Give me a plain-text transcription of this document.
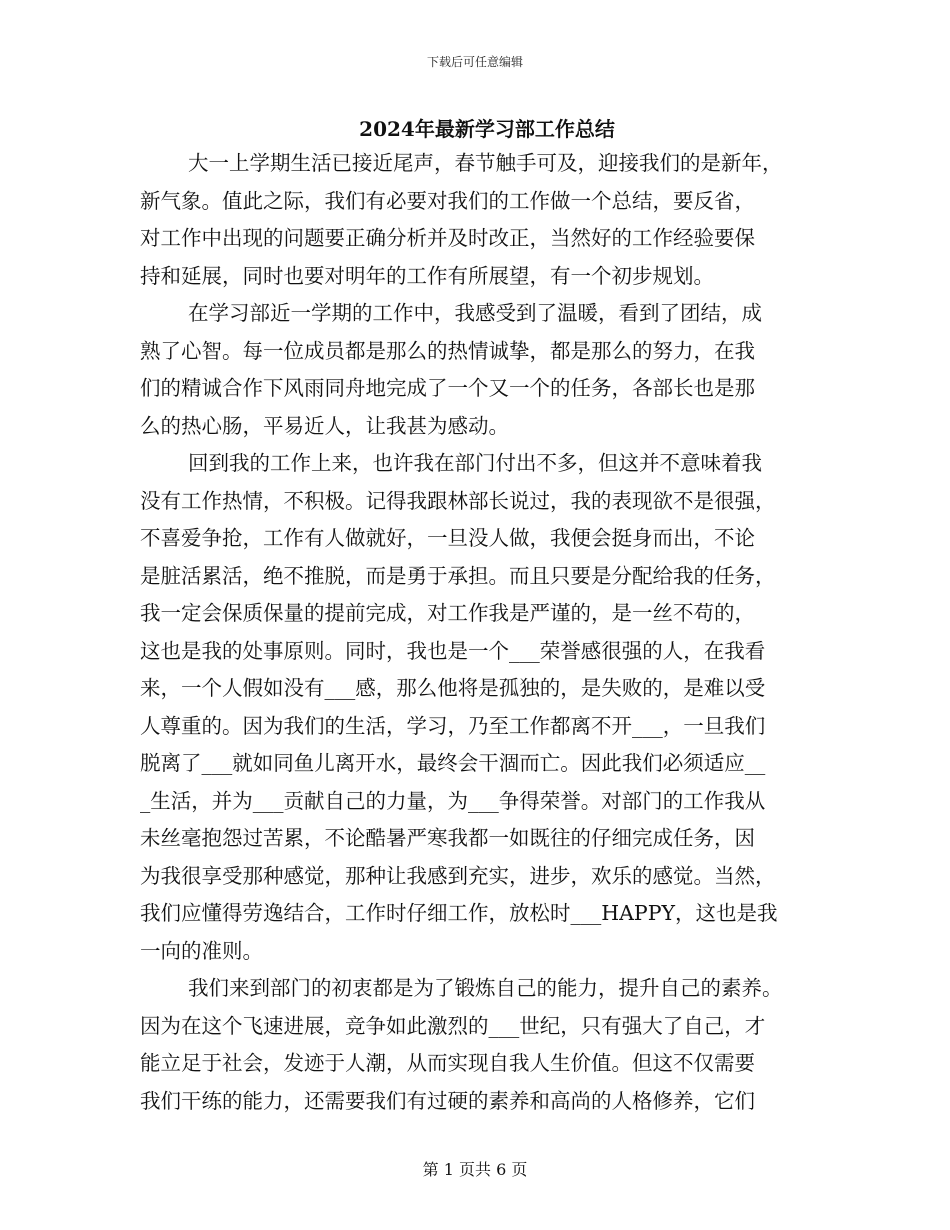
下载后可任意编辑
2024年最新学习部工作总结

大一上学期生活已接近尾声，春节触手可及，迎接我们的是新年，
新气象。值此之际，我们有必要对我们的工作做一个总结，要反省，
对工作中出现的问题要正确分析并及时改正，当然好的工作经验要保
持和延展，同时也要对明年的工作有所展望，有一个初步规划。

在学习部近一学期的工作中，我感受到了温暖，看到了团结，成
熟了心智。每一位成员都是那么的热情诚挚，都是那么的努力，在我
们的精诚合作下风雨同舟地完成了一个又一个的任务，各部长也是那
么的热心肠，平易近人，让我甚为感动。

回到我的工作上来，也许我在部门付出不多，但这并不意味着我
没有工作热情，不积极。记得我跟林部长说过，我的表现欲不是很强，
不喜爱争抢，工作有人做就好，一旦没人做，我便会挺身而出，不论
是脏活累活，绝不推脱，而是勇于承担。而且只要是分配给我的任务，
我一定会保质保量的提前完成，对工作我是严谨的，是一丝不苟的，
这也是我的处事原则。同时，我也是一个___荣誉感很强的人，在我看
来，一个人假如没有___感，那么他将是孤独的，是失败的，是难以受
人尊重的。因为我们的生活，学习，乃至工作都离不开___，一旦我们
脱离了___就如同鱼儿离开水，最终会干涸而亡。因此我们必须适应__
_生活，并为___贡献自己的力量，为___争得荣誉。对部门的工作我从
未丝毫抱怨过苦累，不论酷暑严寒我都一如既往的仔细完成任务，因
为我很享受那种感觉，那种让我感到充实，进步，欢乐的感觉。当然，
我们应懂得劳逸结合，工作时仔细工作，放松时___HAPPY，这也是我
一向的准则。

我们来到部门的初衷都是为了锻炼自己的能力，提升自己的素养。
因为在这个飞速进展，竞争如此激烈的___世纪，只有强大了自己，才
能立足于社会，发迹于人潮，从而实现自我人生价值。但这不仅需要
我们干练的能力，还需要我们有过硬的素养和高尚的人格修养，它们

第 1 页共 6 页
